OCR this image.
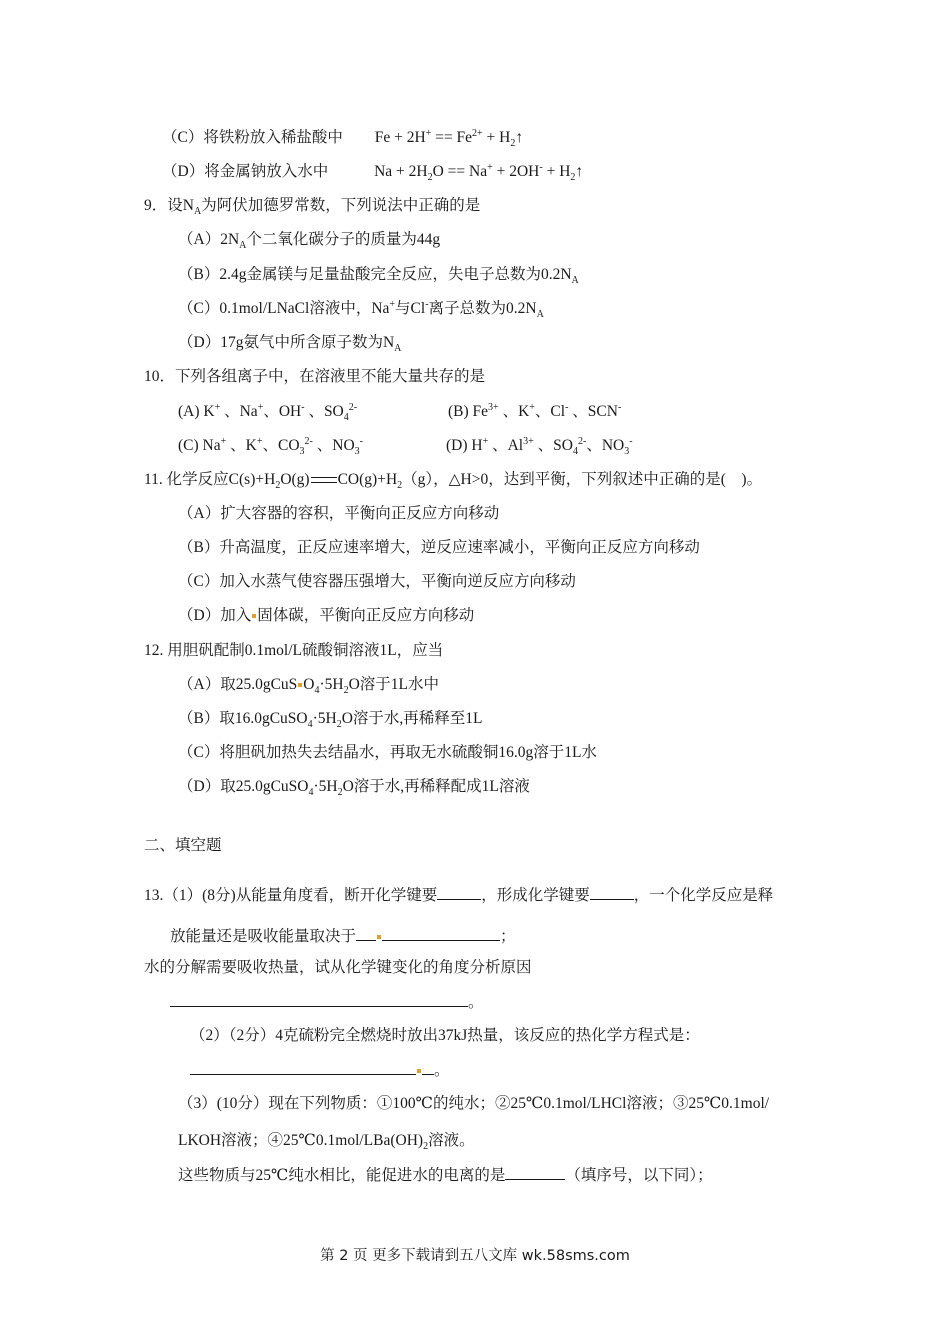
（C）将铁粉放入稀盐酸中 $Fe + 2H^+ == Fe^{2+}$ + $H_2↑$
（D）将金属钠放入水中	$Na + 2H_2O == Na^+ + 2OH^-$ + $H_2↑$
9．设$N_A$为阿伏加德罗常数，下列说法中正确的是
$(A)2N_A$个二氧化碳分子的质量为44g
（B）2.4g金属镁与足量盐酸完全反应，失电子总数为$0.2N_A$
（C）0.1mol/LNaCl溶液中，Na+与Cl-离子总数为$0.2N_A$
（D）17g氨气中所含原子数为$N_A$
10．下列各组离子中，在溶液里不能大量共存的是
(A) K+ 、Na+、OH- 、$SO_4^{2-}$	(B) $Fe^{3+}$ 、K+、Cl- 、SCN-
(C) Na+ 、K+、$CO_3^{2-}$ 、$NO_3^-$	(D) H+ 、$Al^{3+}$ 、$SO_4^{2-}$、$NO_3^-$
11. 化学反应$C(s)+H_2O(g)$ $CO(g)+H_2(g)$，△H>0，达到平衡，下列叙述中正确的是(　)。
（A）扩大容器的容积，平衡向正反应方向移动
（B）升高温度，正反应速率增大，逆反应速率减小，平衡向正反应方向移动
（C）加入水蒸气使容器压强增大，平衡向逆反应方向移动
（D）加入 固体碳，平衡向正反应方向移动
12. 用胆矾配制0.1mol/L硫酸铜溶液1L，应当
（A）取25.0gCuS $O_4\cdot 5H_2O$溶于1L水中
（B）取$16.0gCuSO_4\cdot 5H_2O$溶于水,再稀释至1L
（C）将胆矾加热失去结晶水，再取无水硫酸铜16.0g溶于1L水
（D）取$25.0gCuSO_4\cdot 5H_2O$溶于水,再稀释配成1L溶液
二、填空题
13.（1）(8分)从能量角度看，断开化学键要	，形成化学键要	，一个化学反应是释
放能量还是吸收能量取决于	；
水的分解需要吸收热量，试从化学键变化的角度分析原因
。
（2）（2分）4克硫粉完全燃烧时放出37kJ热量，该反应的热化学方程式是：
。
（3）(10分）现在下列物质：①100℃的纯水；②25℃0.1mol/LHCl溶液；③25℃0.1mol/
LKOH溶液；$④25℃0.1mol/LBa(OH)_2$溶液。
这些物质与25℃纯水相比，能促进水的电离的是	（填序号，以下同）；
第 2 页 更多下载请到五八文库 wk.58sms.com
